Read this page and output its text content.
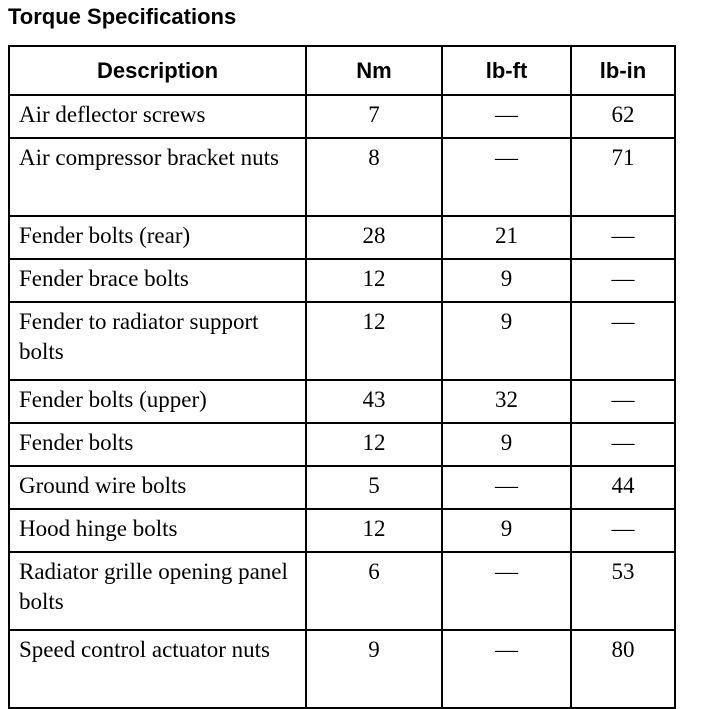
Torque Specifications
Description	Nm	lb-ft	lb-in
Air deflector screws	7	—	62
Air compressor bracket nuts	8	—	71
Fender bolts (rear)	28	21	—
Fender brace bolts	12	9	—
Fender to radiator support bolts	12	9	—
Fender bolts (upper)	43	32	—
Fender bolts	12	9	—
Ground wire bolts	5	—	44
Hood hinge bolts	12	9	—
Radiator grille opening panel bolts	6	—	53
Speed control actuator nuts	9	—	80
